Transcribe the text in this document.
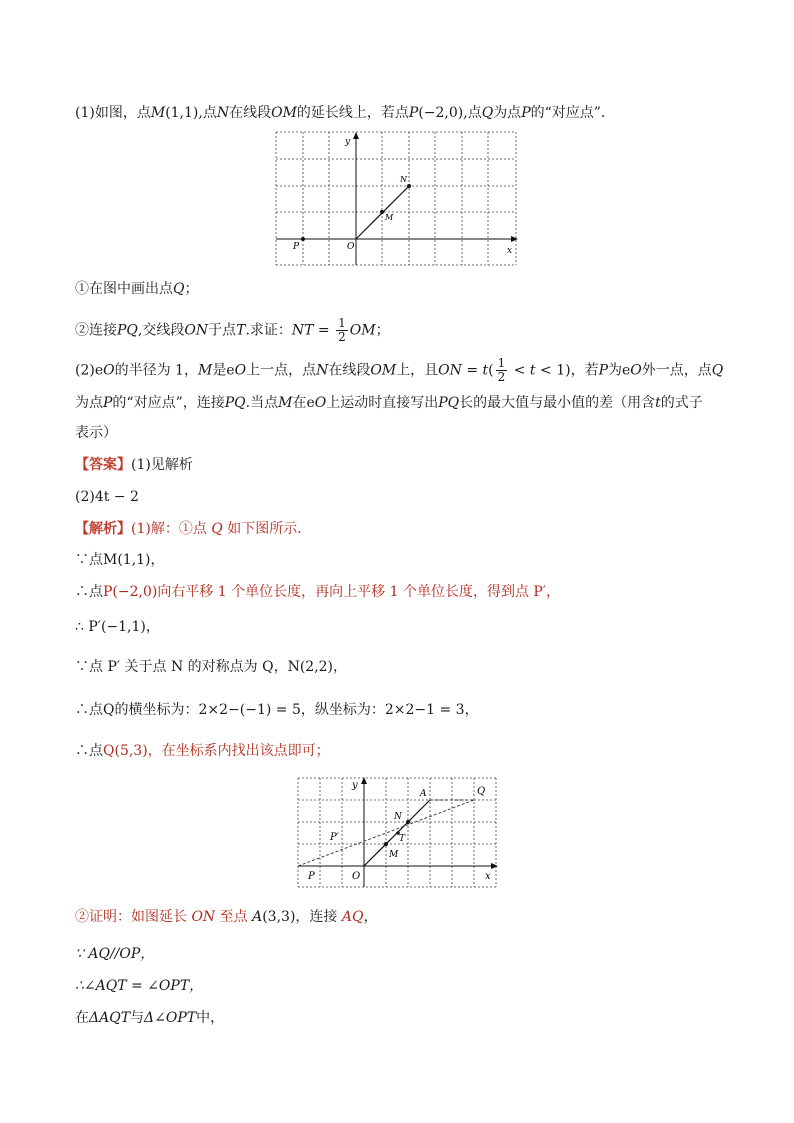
(1)如图，点M(1,1),点N在线段OM的延长线上，若点P(−2,0),点Q为点P的“对应点”．
y
x
O
P
M
N
①在图中画出点Q；
②连接PQ,交线段ON于点T.求证：NT = $\frac{1}{2}$ OM；
(2)eO的半径为 1，M是eO上一点，点N在线段OM上，且ON = $t( \frac{1}{2} < t < 1)$，若P为eO外一点，点Q
为点P的“对应点”，连接PQ.当点M在eO上运动时直接写出PQ长的最大值与最小值的差（用含t的式子
表示）
【答案】(1)见解析
(2)4t − 2
【解析】(1)解：①点 Q 如下图所示．
∵点M(1,1)，
∴点P(−2,0)向右平移 1 个单位长度，再向上平移 1 个单位长度，得到点 P′，
∴ P′(−1,1)，
∵点 P′ 关于点 N 的对称点为 Q，N(2,2)，
∴点Q的横坐标为：2×2−(−1) = 5，纵坐标为：2×2−1 = 3，
∴点Q(5,3)，在坐标系内找出该点即可；
y
x
O
P
P′
M
N
T
A	Q
②证明：如图延长 ON 至点 A(3,3)，连接 AQ，
∵ AQ//OP，
∴∠AQT = ∠OPT，
在ΔAQT与Δ∠OPT中，
